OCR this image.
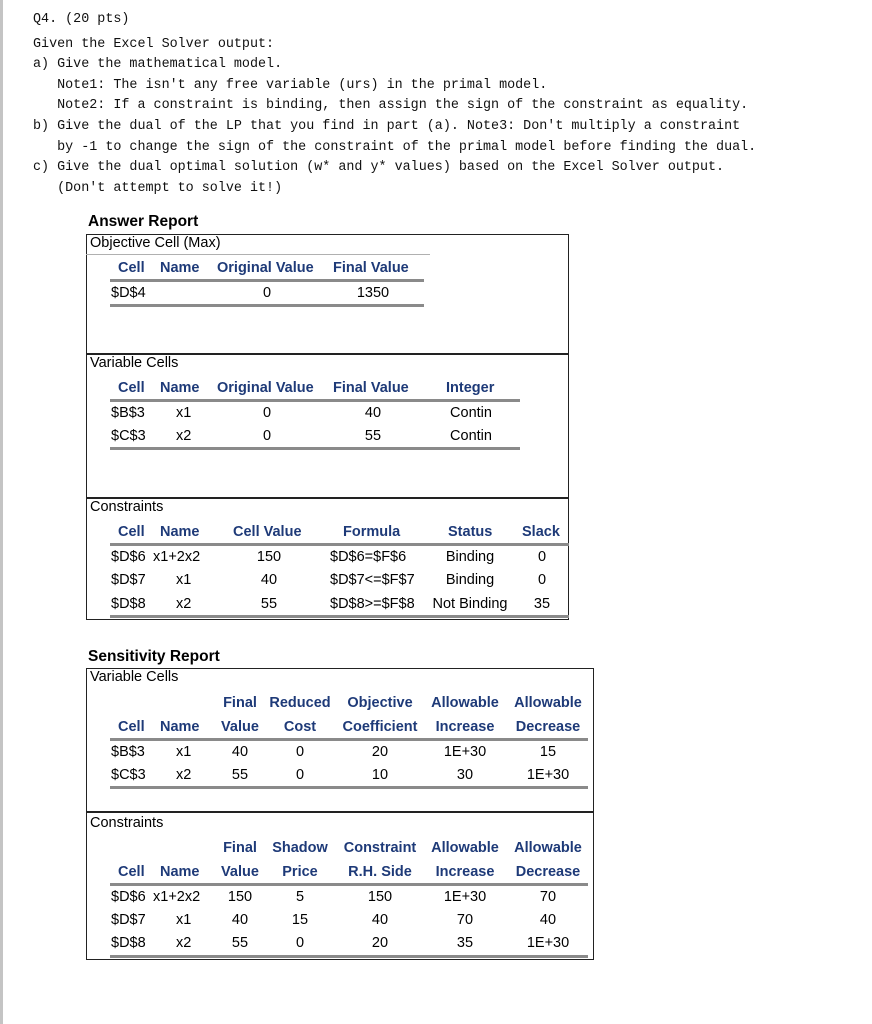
Q4. (20 pts)
Given the Excel Solver output:
a) Give the mathematical model.
Note1: The isn't any free variable (urs) in the primal model.
Note2: If a constraint is binding, then assign the sign of the constraint as equality.
b) Give the dual of the LP that you find in part (a). Note3: Don't multiply a constraint
by -1 to change the sign of the constraint of the primal model before finding the dual.
c) Give the dual optimal solution (w* and y* values) based on the Excel Solver output.
(Don't attempt to solve it!)
Answer Report
Objective Cell (Max)
Cell Name Original Value Final Value
$D$4	0	1350
Variable Cells
Cell Name Original Value Final Value	Integer
$B$3 x1	0	40	Contin
$C$3 x2	0	55	Contin
Constraints
Cell Name Cell Value	Formula	Status Slack
$D$6 x1+2x2	150	$D$6=$F$6	Binding	0
$D$7 x1	40	$D$7<=$F$7	Binding	0
$D$8 x2	55	$D$8>=$F$8	Not Binding	35
Sensitivity Report
Variable Cells
Final Reduced	Objective	Allowable	Allowable
Cell Name Value	Cost	Coefficient	Increase	Decrease
$B$3 x1	40	0	20	1E+30	15
$C$3 x2	55	0	10	30	1E+30
Constraints
Final	Shadow	Constraint	Allowable	Allowable
Cell Name Value	Price	R.H. Side	Increase	Decrease
$D$6 x1+2x2	150	5	150	1E+30	70
$D$7 x1	40	15	40	70	40
$D$8 x2	55	0	20	35	1E+30
